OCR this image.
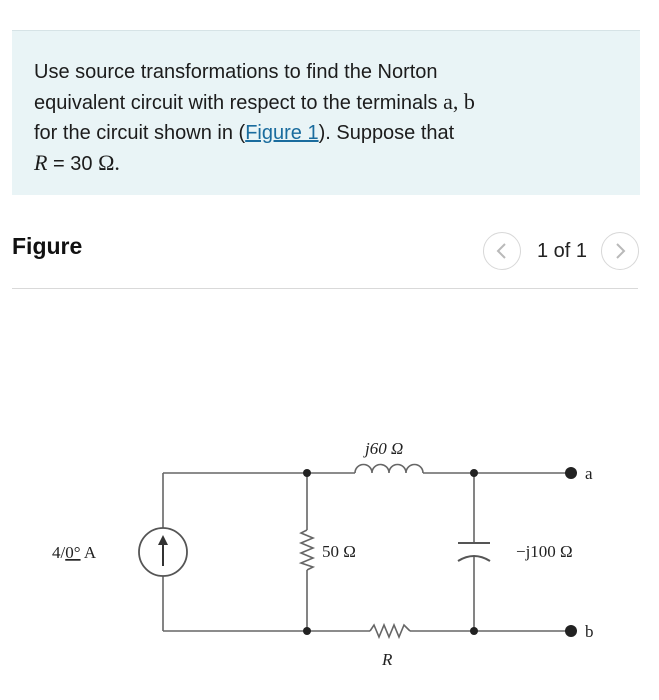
Use source transformations to find the Norton
equivalent circuit with respect to the terminals a, b
for the circuit shown in (Figure 1). Suppose that
R = 30 Ω.

Figure	1 of 1
4/0° A
j60 Ω
50 Ω	−j100 Ω
R
a
b
